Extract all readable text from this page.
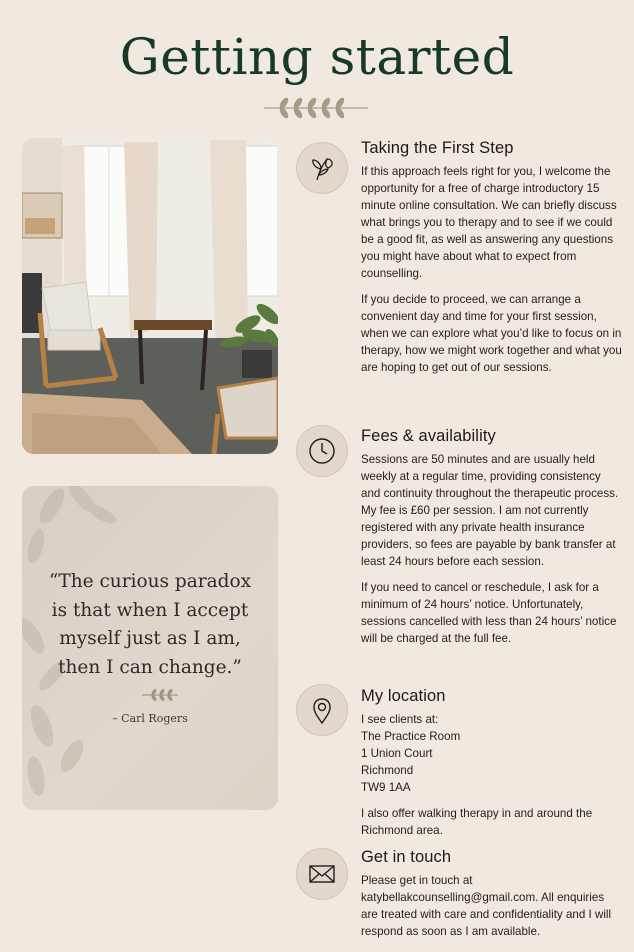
Getting started
“The curious paradox
is that when I accept
myself just as I am,
then I can change.”
– Carl Rogers
Taking the First Step

If this approach feels right for you, I welcome the opportunity for a free of charge introductory 15 minute online consultation. We can briefly discuss what brings you to therapy and to see if we could be a good fit, as well as answering any questions you might have about what to expect from counselling.

If you decide to proceed, we can arrange a convenient day and time for your first session, when we can explore what you’d like to focus on in therapy, how we might work together and what you are hoping to get out of our sessions.

Fees & availability

Sessions are 50 minutes and are usually held weekly at a regular time, providing consistency and continuity throughout the therapeutic process. My fee is £60 per session. I am not currently registered with any private health insurance providers, so fees are payable by bank transfer at least 24 hours before each session.

If you need to cancel or reschedule, I ask for a minimum of 24 hours’ notice. Unfortunately, sessions cancelled with less than 24 hours’ notice will be charged at the full fee.

My location

I see clients at:
The Practice Room
1 Union Court
Richmond
TW9 1AA

I also offer walking therapy in and around the Richmond area.

Get in touch

Please get in touch at katybellakcounselling@gmail.com. All enquiries are treated with care and confidentiality and I will respond as soon as I am available.
